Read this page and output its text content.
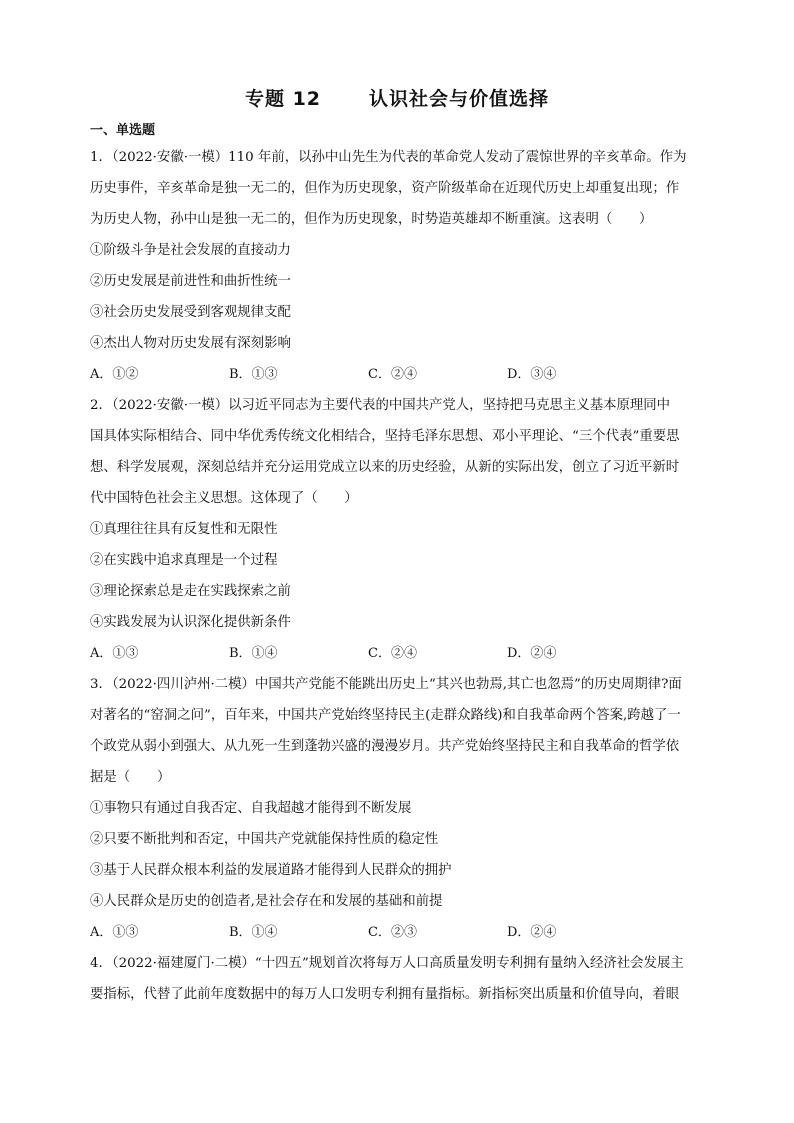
专题 12	认识社会与价值选择
一、单选题
1．（2022·安徽·一模）110 年前，以孙中山先生为代表的革命党人发动了震惊世界的辛亥革命。作为
历史事件，辛亥革命是独一无二的，但作为历史现象，资产阶级革命在近现代历史上却重复出现；作
为历史人物，孙中山是独一无二的，但作为历史现象，时势造英雄却不断重演。这表明（　　）
①阶级斗争是社会发展的直接动力
②历史发展是前进性和曲折性统一
③社会历史发展受到客观规律支配
④杰出人物对历史发展有深刻影响
A．①②	B．①③	C．②④	D．③④
2．（2022·安徽·一模）以习近平同志为主要代表的中国共产党人，坚持把马克思主义基本原理同中
国具体实际相结合、同中华优秀传统文化相结合，坚持毛泽东思想、邓小平理论、“三个代表”重要思
想、科学发展观，深刻总结并充分运用党成立以来的历史经验，从新的实际出发，创立了习近平新时
代中国特色社会主义思想。这体现了（　　）
①真理往往具有反复性和无限性
②在实践中追求真理是一个过程
③理论探索总是走在实践探索之前
④实践发展为认识深化提供新条件
A．①③	B．①④	C．②④	D．②④
3．（2022·四川泸州·二模）中国共产党能不能跳出历史上“其兴也勃焉,其亡也忽焉”的历史周期律?面
对著名的“窑洞之问”，百年来，中国共产党始终坚持民主(走群众路线)和自我革命两个答案,跨越了一
个政党从弱小到强大、从九死一生到蓬勃兴盛的漫漫岁月。共产党始终坚持民主和自我革命的哲学依
据是（　　）
①事物只有通过自我否定、自我超越才能得到不断发展
②只要不断批判和否定，中国共产党就能保持性质的稳定性
③基于人民群众根本利益的发展道路才能得到人民群众的拥护
④人民群众是历史的创造者,是社会存在和发展的基础和前提
A．①③	B．①④	C．②③	D．②④
4．（2022·福建厦门·二模）“十四五”规划首次将每万人口高质量发明专利拥有量纳入经济社会发展主
要指标，代替了此前年度数据中的每万人口发明专利拥有量指标。新指标突出质量和价值导向，着眼
